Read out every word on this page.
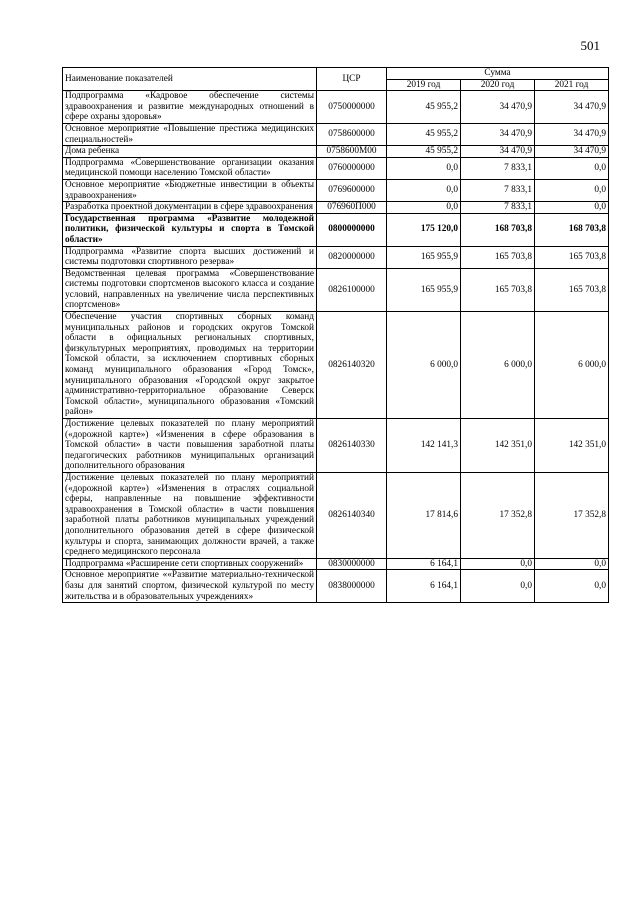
501
Наименование показателей	ЦСР	Сумма		
		2019 год	2020 год	2021 год
Подпрограмма «Кадровое обеспечение системы здравоохранения и развитие международных отношений в сфере охраны здоровья»	0750000000	45 955,2	34 470,9	34 470,9
Основное мероприятие «Повышение престижа медицинских специальностей»	0758600000	45 955,2	34 470,9	34 470,9
Дома ребенка	0758600М00	45 955,2	34 470,9	34 470,9
Подпрограмма «Совершенствование организации оказания медицинской помощи населению Томской области»	0760000000	0,0	7 833,1	0,0
Основное мероприятие «Бюджетные инвестиции в объекты здравоохранения»	0769600000	0,0	7 833,1	0,0
Разработка проектной документации в сфере здравоохранения	076960П000	0,0	7 833,1	0,0
Государственная программа «Развитие молодежной политики, физической культуры и спорта в Томской области»	0800000000	175 120,0	168 703,8	168 703,8
Подпрограмма «Развитие спорта высших достижений и системы подготовки спортивного резерва»	0820000000	165 955,9	165 703,8	165 703,8
Ведомственная целевая программа «Совершенствование системы подготовки спортсменов высокого класса и создание условий, направленных на увеличение числа перспективных спортсменов»	0826100000	165 955,9	165 703,8	165 703,8
Обеспечение участия спортивных сборных команд муниципальных районов и городских округов Томской области в официальных региональных спортивных, физкультурных мероприятиях, проводимых на территории Томской области, за исключением спортивных сборных команд муниципального образования «Город Томск», муниципального образования «Городской округ закрытое административно-территориальное образование Северск Томской области», муниципального образования «Томский район»	0826140320	6 000,0	6 000,0	6 000,0
Достижение целевых показателей по плану мероприятий («дорожной карте») «Изменения в сфере образования в Томской области» в части повышения заработной платы педагогических работников муниципальных организаций дополнительного образования	0826140330	142 141,3	142 351,0	142 351,0
Достижение целевых показателей по плану мероприятий («дорожной карте») «Изменения в отраслях социальной сферы, направленные на повышение эффективности здравоохранения в Томской области» в части повышения заработной платы работников муниципальных учреждений дополнительного образования детей в сфере физической культуры и спорта, занимающих должности врачей, а также среднего медицинского персонала	0826140340	17 814,6	17 352,8	17 352,8
Подпрограмма «Расширение сети спортивных сооружений»	0830000000	6 164,1	0,0	0,0
Основное мероприятие ««Развитие материально-технической базы для занятий спортом, физической культурой по месту жительства и в образовательных учреждениях»	0838000000	6 164,1	0,0	0,0
